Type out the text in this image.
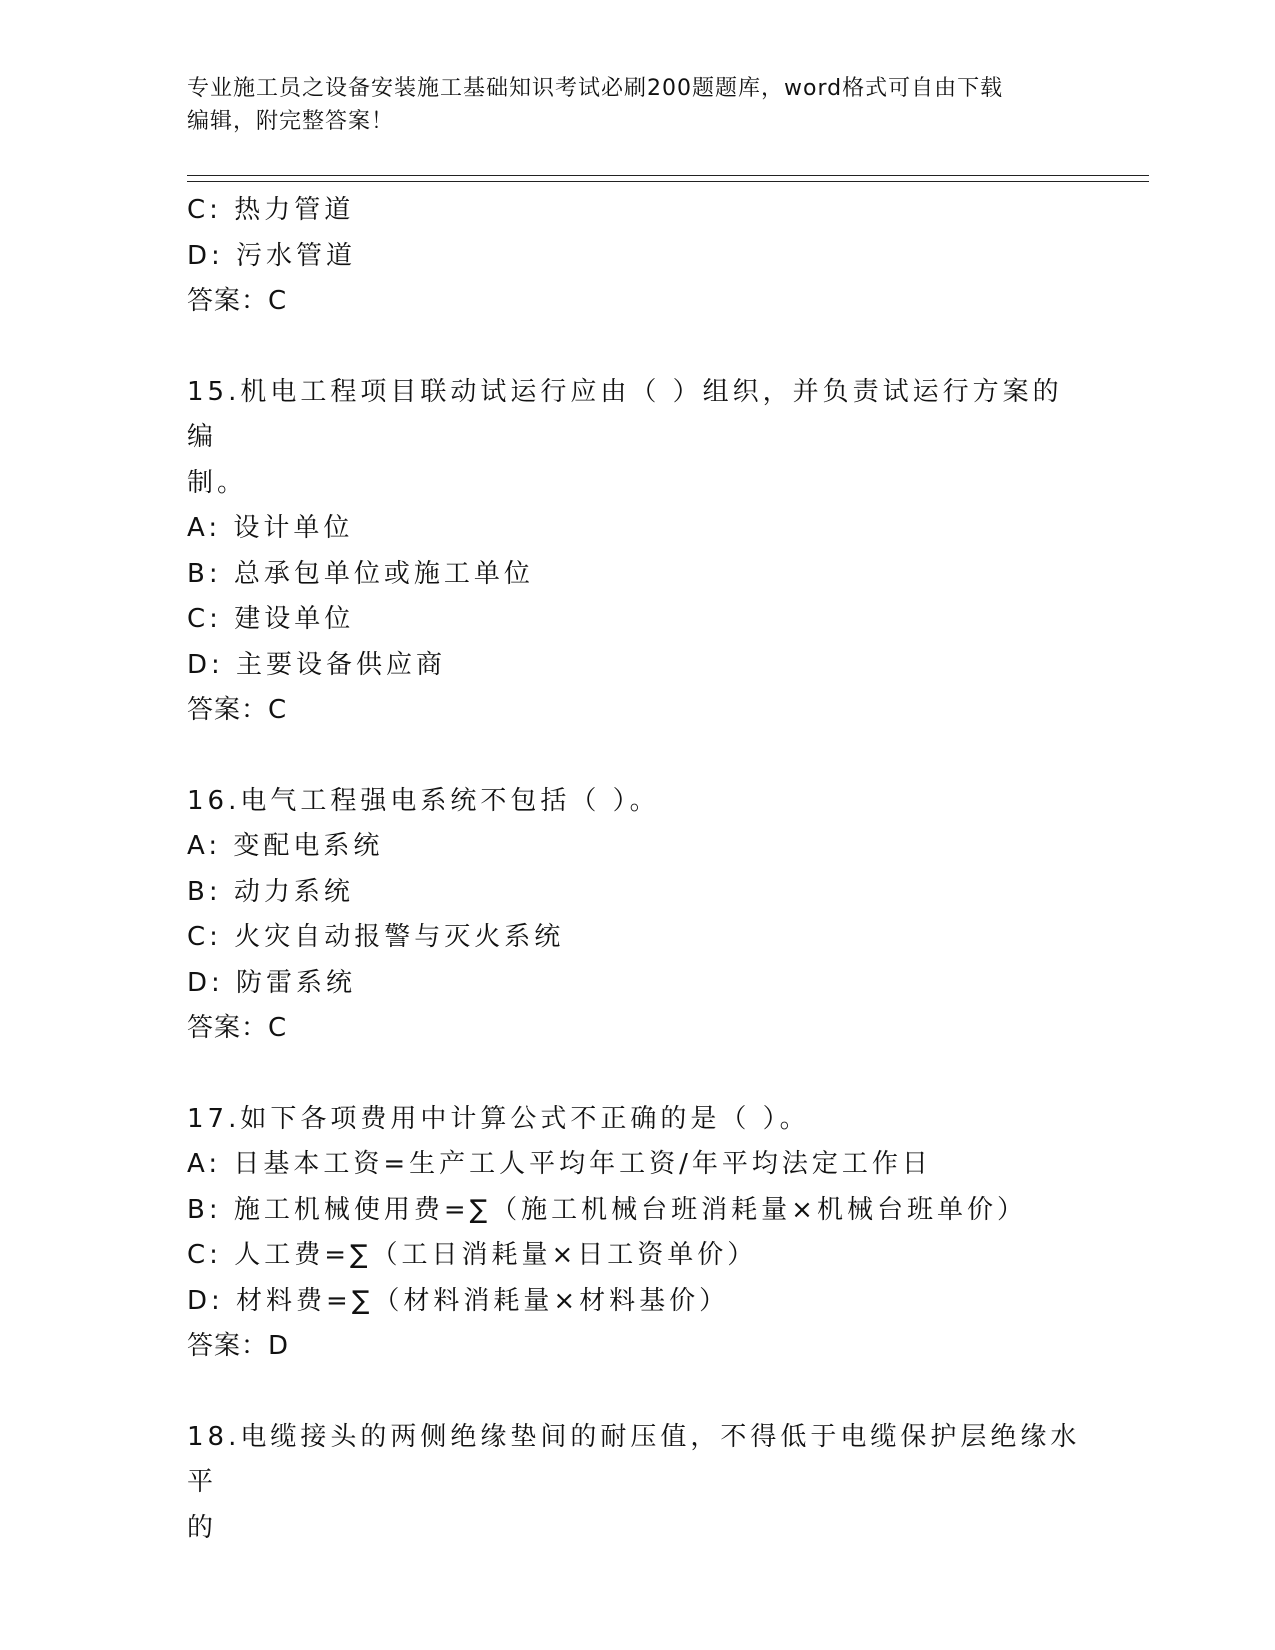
专业施工员之设备安装施工基础知识考试必刷200题题库，word格式可自由下载
编辑，附完整答案！
C: 热力管道
D: 污水管道
答案：C
15.机电工程项目联动试运行应由（ ）组织，并负责试运行方案的编
制。
A: 设计单位
B: 总承包单位或施工单位
C: 建设单位
D: 主要设备供应商
答案：C
16.电气工程强电系统不包括（ ）。
A: 变配电系统
B: 动力系统
C: 火灾自动报警与灭火系统
D: 防雷系统
答案：C
17.如下各项费用中计算公式不正确的是（ ）。
A: 日基本工资=生产工人平均年工资/年平均法定工作日
B: 施工机械使用费=∑（施工机械台班消耗量×机械台班单价）
C: 人工费=∑（工日消耗量×日工资单价）
D: 材料费=∑（材料消耗量×材料基价）
答案：D
18.电缆接头的两侧绝缘垫间的耐压值，不得低于电缆保护层绝缘水平
的
